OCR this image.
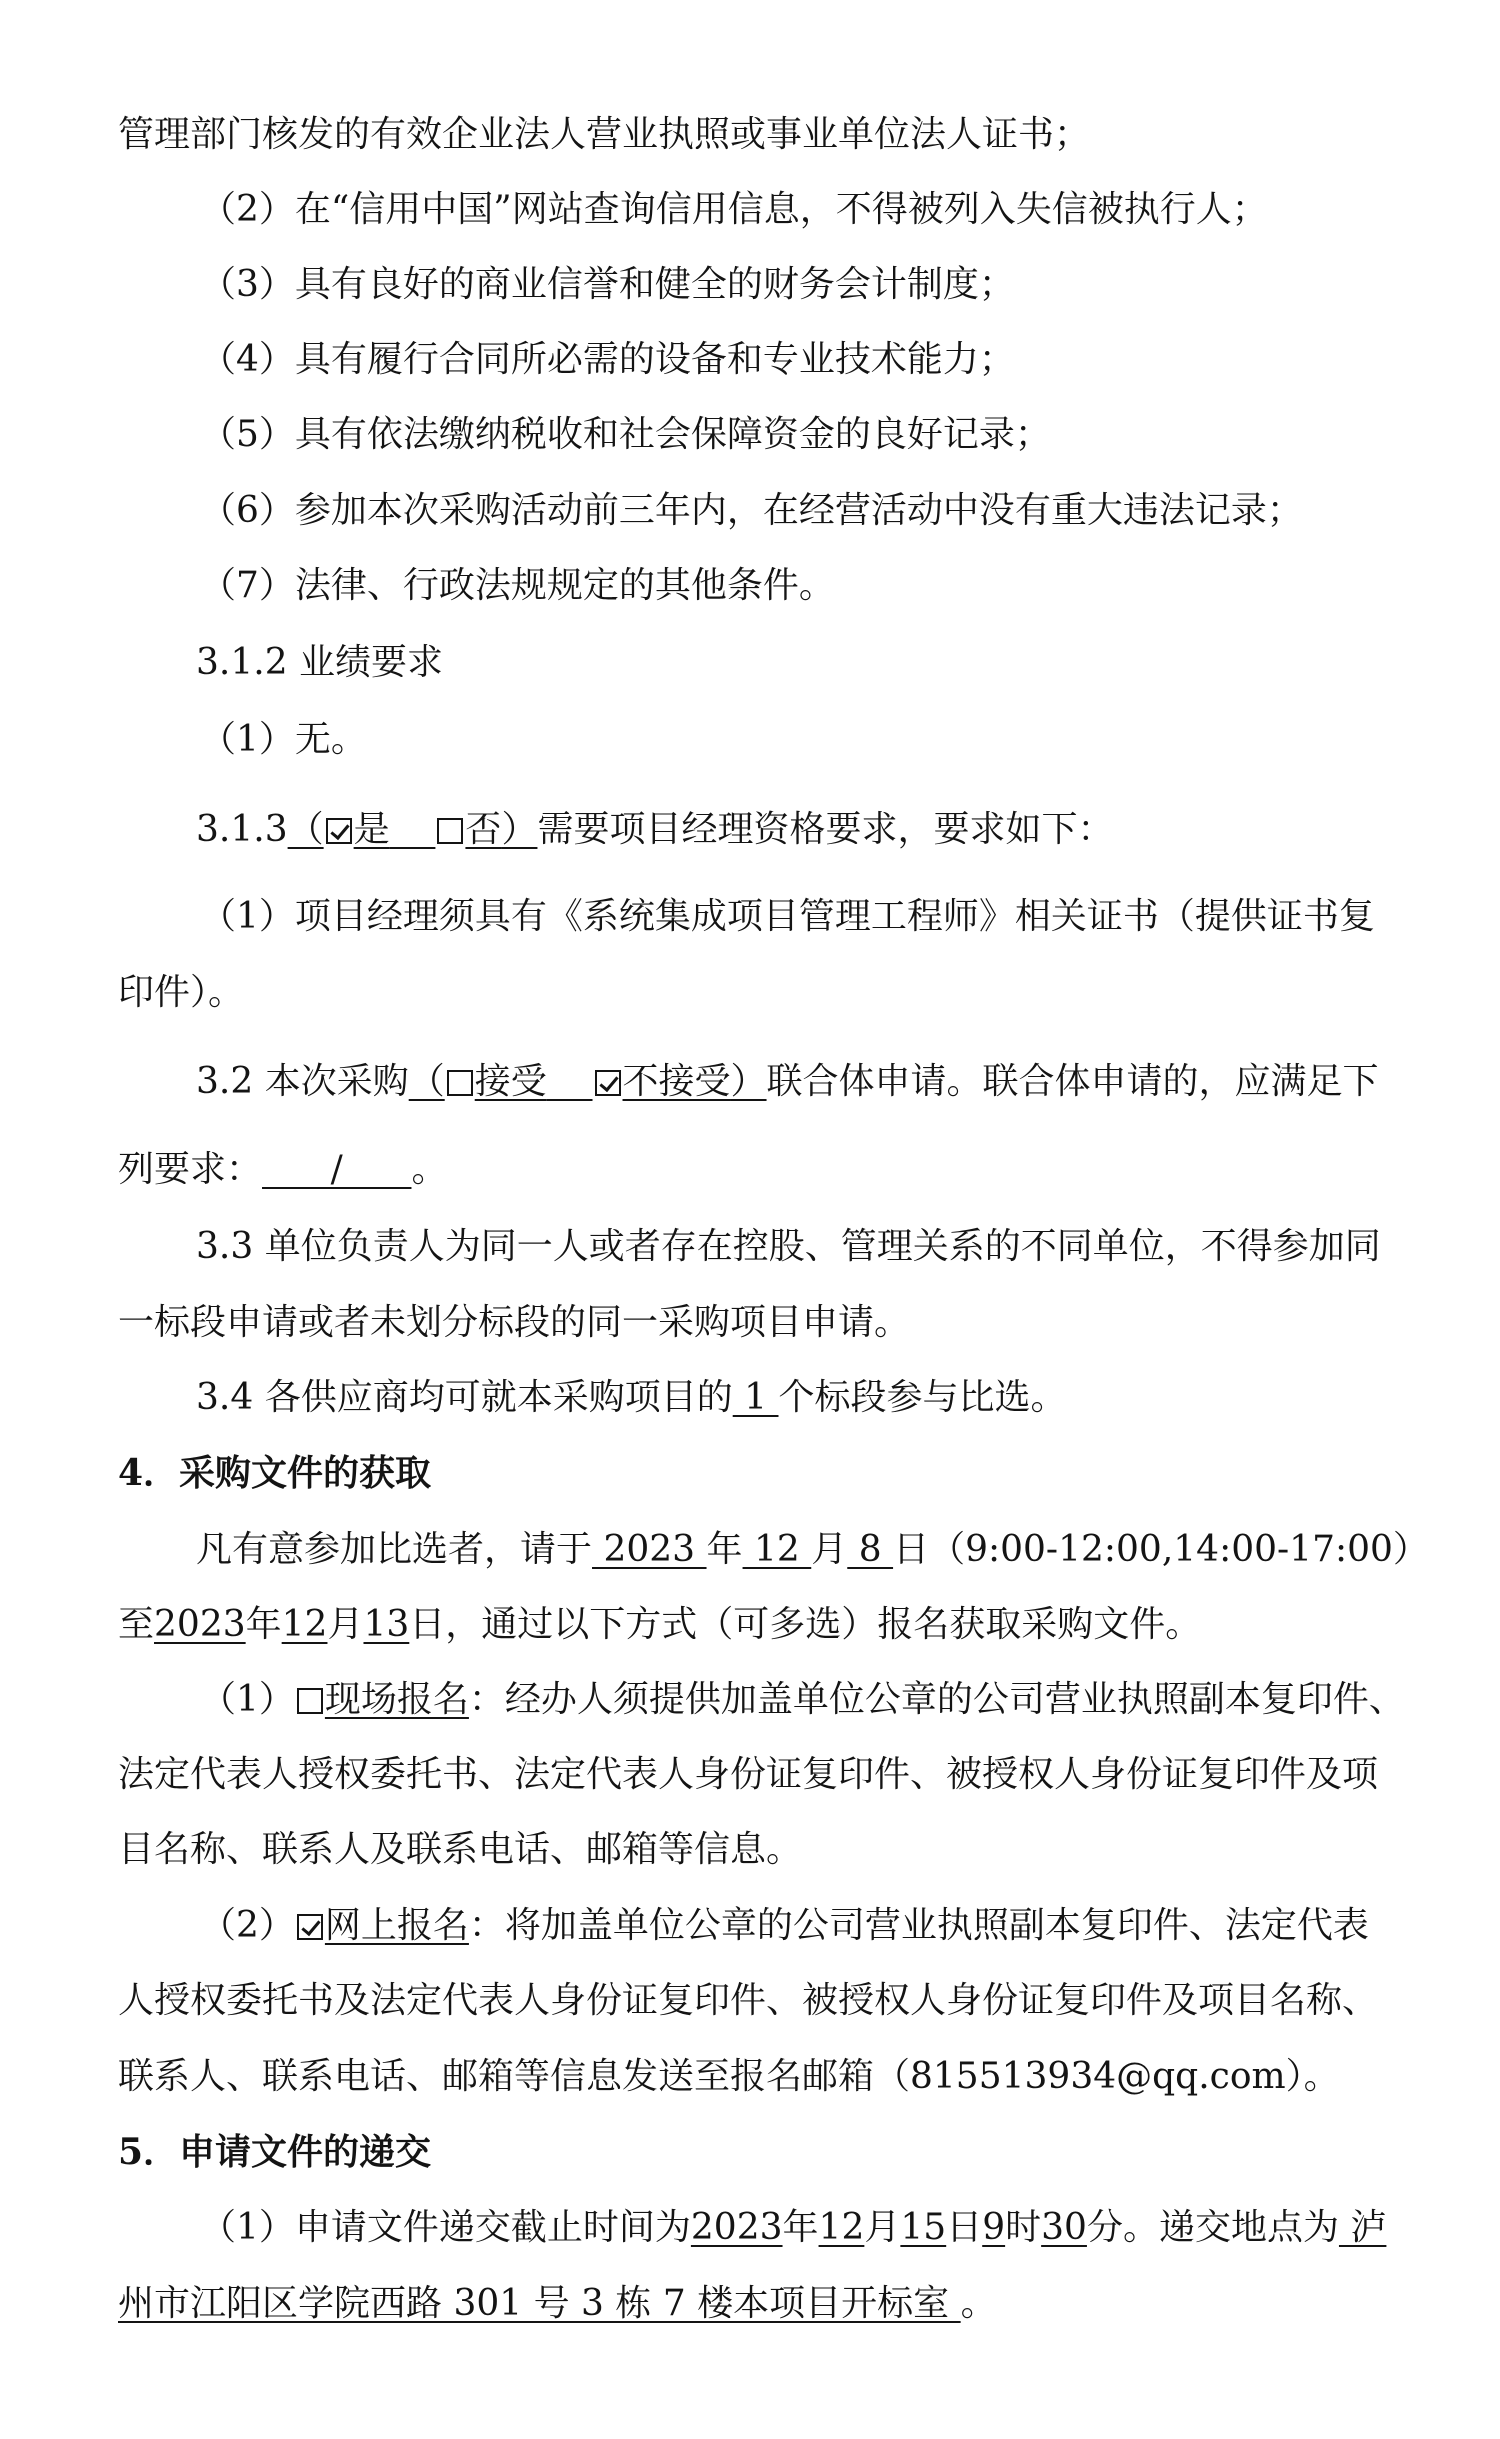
管理部门核发的有效企业法人营业执照或事业单位法人证书；
（2）在“信用中国”网站查询信用信息，不得被列入失信被执行人；
（3）具有良好的商业信誉和健全的财务会计制度；
（4）具有履行合同所必需的设备和专业技术能力；
（5）具有依法缴纳税收和社会保障资金的良好记录；
（6）参加本次采购活动前三年内，在经营活动中没有重大违法记录；
（7）法律、行政法规规定的其他条件。
3.1.2 业绩要求
（1）无。
3.1.3（ 是 否）需要项目经理资格要求，要求如下：
（1）项目经理须具有《系统集成项目管理工程师》相关证书（提供证书复
印件）。
3.2 本次采购（ 接受 不接受）联合体申请。联合体申请的，应满足下
列要求：      /      。
3.3 单位负责人为同一人或者存在控股、管理关系的不同单位，不得参加同
一标段申请或者未划分标段的同一采购项目申请。
3.4 各供应商均可就本采购项目的 1 个标段参与比选。
4．采购文件的获取
凡有意参加比选者，请于 2023 年 12 月 8 日（9:00-12:00,14:00-17:00）
至2023年12月13日，通过以下方式（可多选）报名获取采购文件。
（1） 现场报名：经办人须提供加盖单位公章的公司营业执照副本复印件、
法定代表人授权委托书、法定代表人身份证复印件、被授权人身份证复印件及项
目名称、联系人及联系电话、邮箱等信息。
（2） 网上报名：将加盖单位公章的公司营业执照副本复印件、法定代表
人授权委托书及法定代表人身份证复印件、被授权人身份证复印件及项目名称、
联系人、联系电话、邮箱等信息发送至报名邮箱（815513934@qq.com）。
5．申请文件的递交
（1）申请文件递交截止时间为2023年12月15日9时30分。递交地点为 泸
州市江阳区学院西路 301 号 3 栋 7 楼本项目开标室 。
